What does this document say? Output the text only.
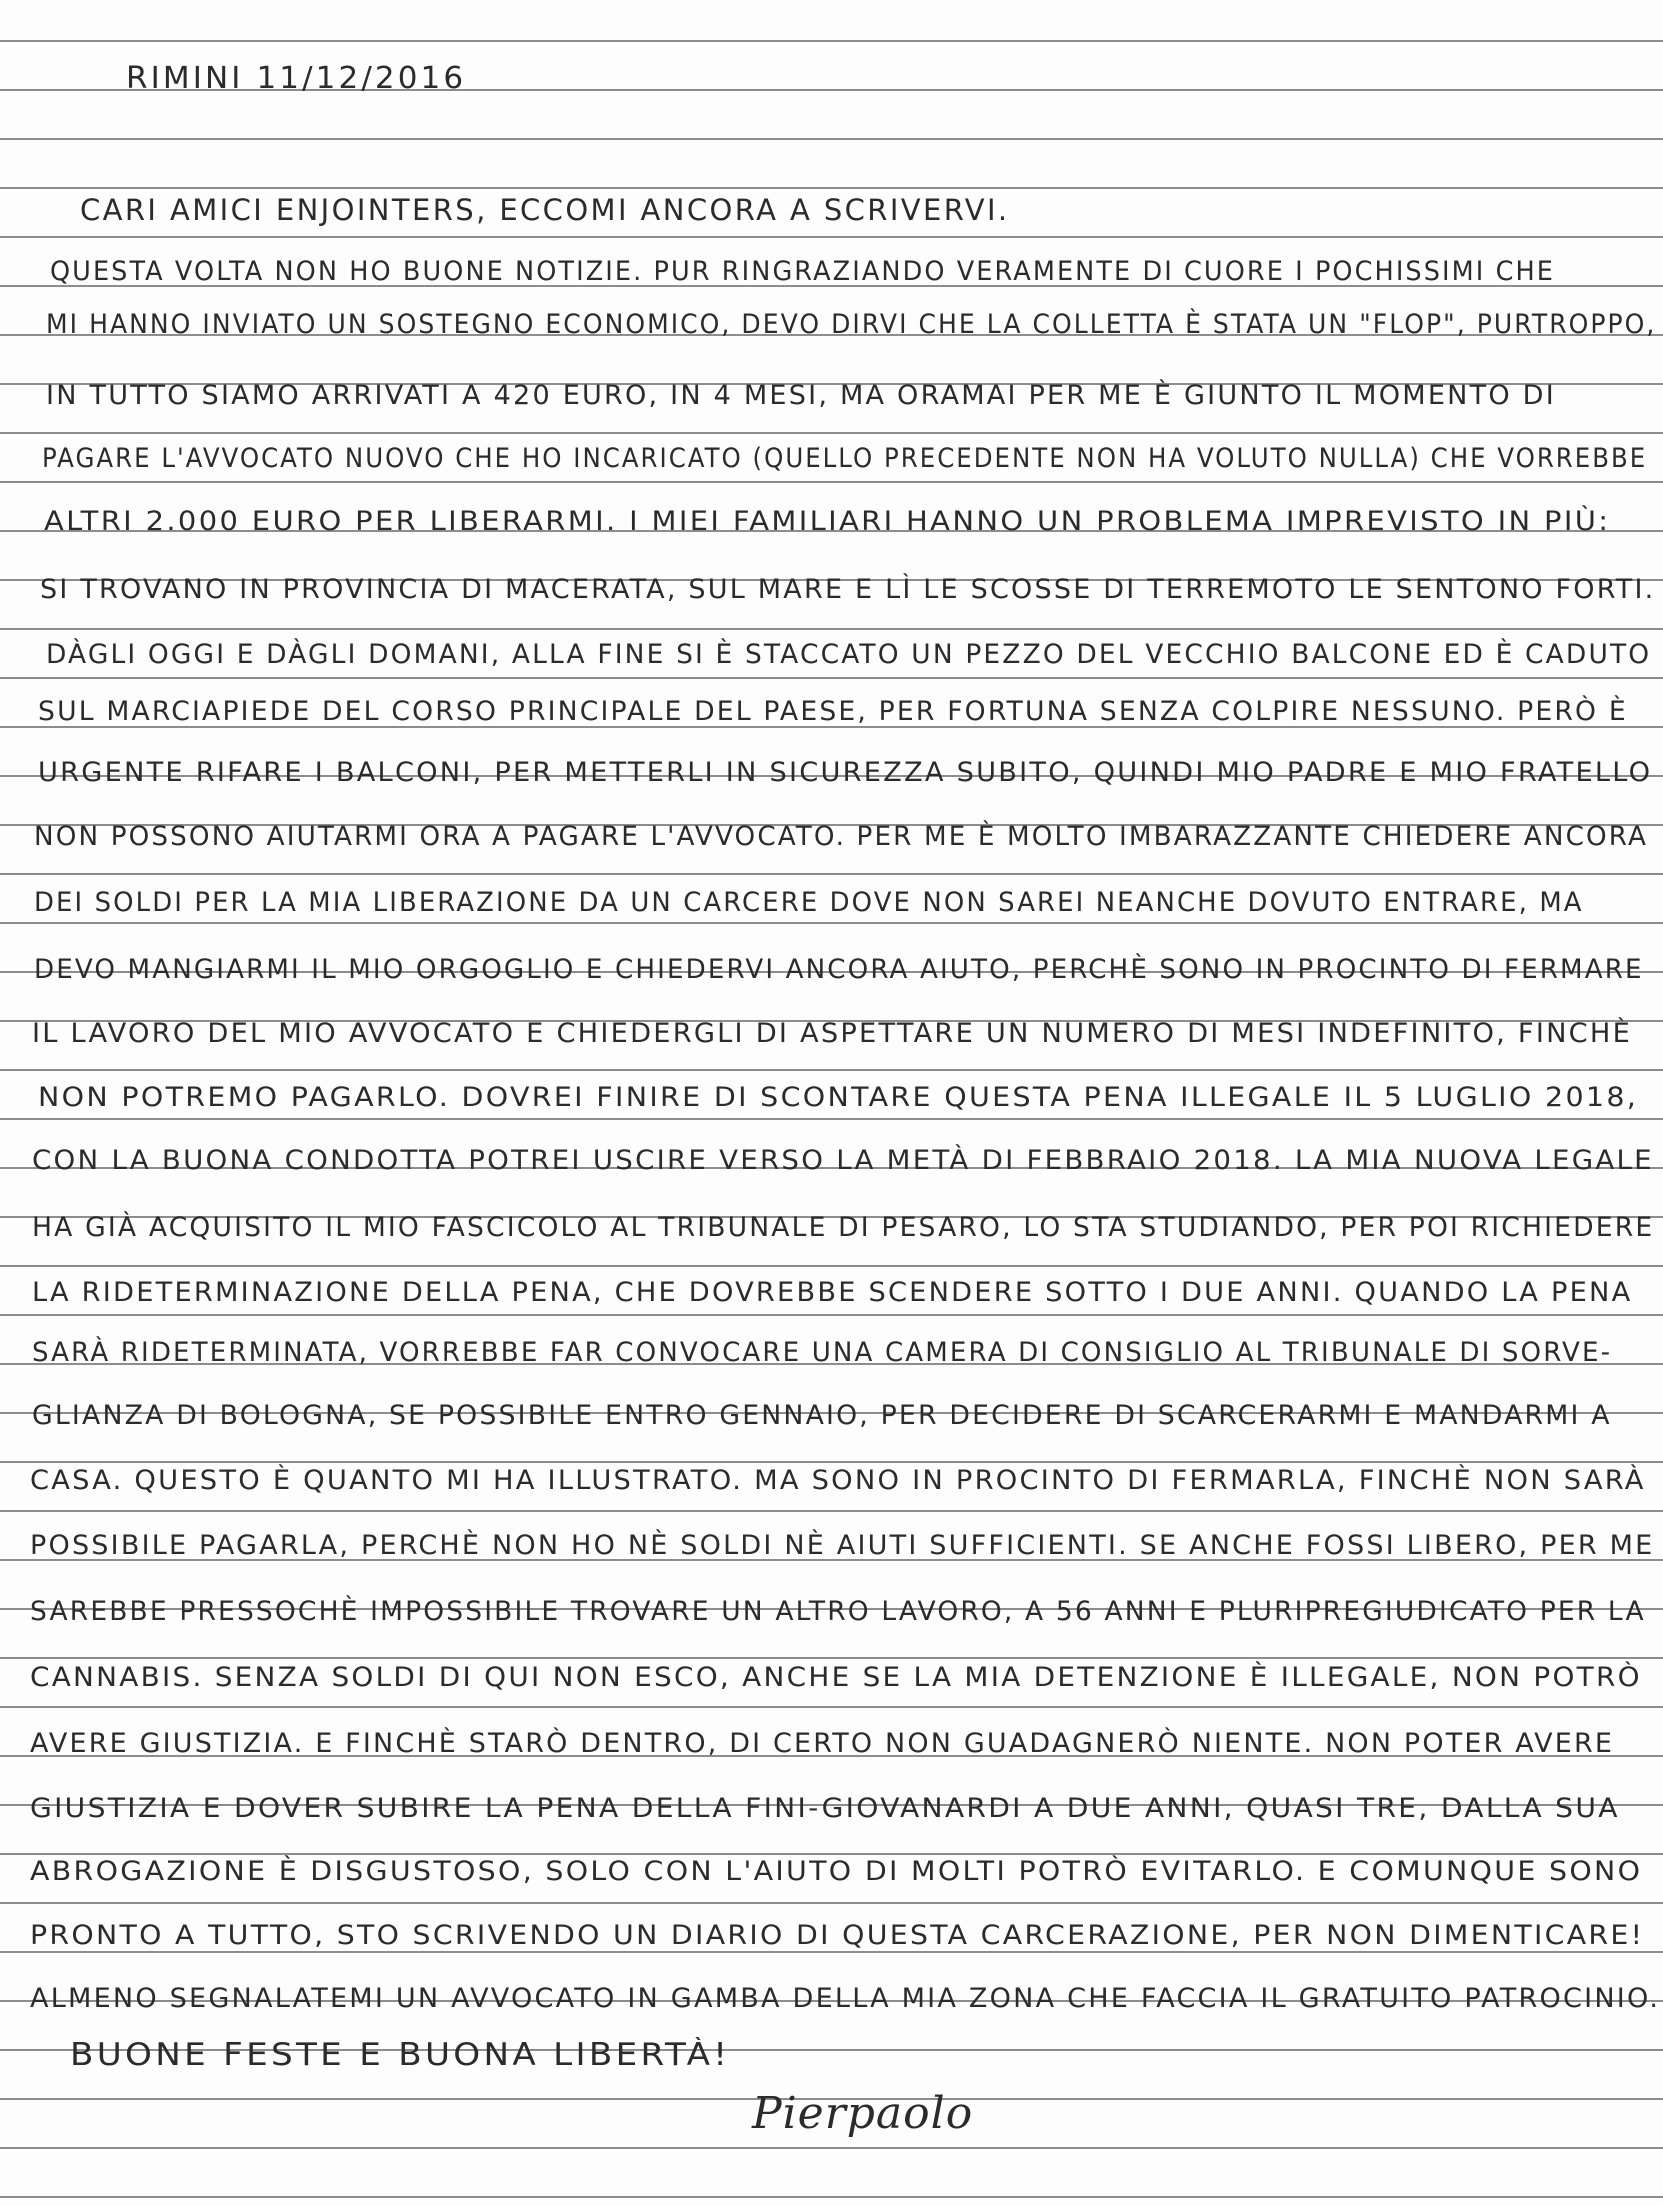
RIMINI 11/12/2016
CARI AMICI ENJOINTERS, ECCOMI ANCORA A SCRIVERVI.
QUESTA VOLTA NON HO BUONE NOTIZIE. PUR RINGRAZIANDO VERAMENTE DI CUORE I POCHISSIMI CHE
MI HANNO INVIATO UN SOSTEGNO ECONOMICO, DEVO DIRVI CHE LA COLLETTA È STATA UN "FLOP", PURTROPPO,
IN TUTTO SIAMO ARRIVATI A 420 EURO, IN 4 MESI, MA ORAMAI PER ME È GIUNTO IL MOMENTO DI
PAGARE L'AVVOCATO NUOVO CHE HO INCARICATO (QUELLO PRECEDENTE NON HA VOLUTO NULLA) CHE VORREBBE
ALTRI 2.000 EURO PER LIBERARMI. I MIEI FAMILIARI HANNO UN PROBLEMA IMPREVISTO IN PIÙ:
SI TROVANO IN PROVINCIA DI MACERATA, SUL MARE E LÌ LE SCOSSE DI TERREMOTO LE SENTONO FORTI.
DÀGLI OGGI E DÀGLI DOMANI, ALLA FINE SI È STACCATO UN PEZZO DEL VECCHIO BALCONE ED È CADUTO
SUL MARCIAPIEDE DEL CORSO PRINCIPALE DEL PAESE, PER FORTUNA SENZA COLPIRE NESSUNO. PERÒ È
URGENTE RIFARE I BALCONI, PER METTERLI IN SICUREZZA SUBITO, QUINDI MIO PADRE E MIO FRATELLO
NON POSSONO AIUTARMI ORA A PAGARE L'AVVOCATO. PER ME È MOLTO IMBARAZZANTE CHIEDERE ANCORA
DEI SOLDI PER LA MIA LIBERAZIONE DA UN CARCERE DOVE NON SAREI NEANCHE DOVUTO ENTRARE, MA
DEVO MANGIARMI IL MIO ORGOGLIO E CHIEDERVI ANCORA AIUTO, PERCHÈ SONO IN PROCINTO DI FERMARE
IL LAVORO DEL MIO AVVOCATO E CHIEDERGLI DI ASPETTARE UN NUMERO DI MESI INDEFINITO, FINCHÈ
NON POTREMO PAGARLO. DOVREI FINIRE DI SCONTARE QUESTA PENA ILLEGALE IL 5 LUGLIO 2018,
CON LA BUONA CONDOTTA POTREI USCIRE VERSO LA METÀ DI FEBBRAIO 2018. LA MIA NUOVA LEGALE
HA GIÀ ACQUISITO IL MIO FASCICOLO AL TRIBUNALE DI PESARO, LO STA STUDIANDO, PER POI RICHIEDERE
LA RIDETERMINAZIONE DELLA PENA, CHE DOVREBBE SCENDERE SOTTO I DUE ANNI. QUANDO LA PENA
SARÀ RIDETERMINATA, VORREBBE FAR CONVOCARE UNA CAMERA DI CONSIGLIO AL TRIBUNALE DI SORVE-
GLIANZA DI BOLOGNA, SE POSSIBILE ENTRO GENNAIO, PER DECIDERE DI SCARCERARMI E MANDARMI A
CASA. QUESTO È QUANTO MI HA ILLUSTRATO. MA SONO IN PROCINTO DI FERMARLA, FINCHÈ NON SARÀ
POSSIBILE PAGARLA, PERCHÈ NON HO NÈ SOLDI NÈ AIUTI SUFFICIENTI. SE ANCHE FOSSI LIBERO, PER ME
SAREBBE PRESSOCHÈ IMPOSSIBILE TROVARE UN ALTRO LAVORO, A 56 ANNI E PLURIPREGIUDICATO PER LA
CANNABIS. SENZA SOLDI DI QUI NON ESCO, ANCHE SE LA MIA DETENZIONE È ILLEGALE, NON POTRÒ
AVERE GIUSTIZIA. E FINCHÈ STARÒ DENTRO, DI CERTO NON GUADAGNERÒ NIENTE. NON POTER AVERE
GIUSTIZIA E DOVER SUBIRE LA PENA DELLA FINI-GIOVANARDI A DUE ANNI, QUASI TRE, DALLA SUA
ABROGAZIONE È DISGUSTOSO, SOLO CON L'AIUTO DI MOLTI POTRÒ EVITARLO. E COMUNQUE SONO
PRONTO A TUTTO, STO SCRIVENDO UN DIARIO DI QUESTA CARCERAZIONE, PER NON DIMENTICARE!
ALMENO SEGNALATEMI UN AVVOCATO IN GAMBA DELLA MIA ZONA CHE FACCIA IL GRATUITO PATROCINIO.
BUONE FESTE E BUONA LIBERTÀ!
Pierpaolo
